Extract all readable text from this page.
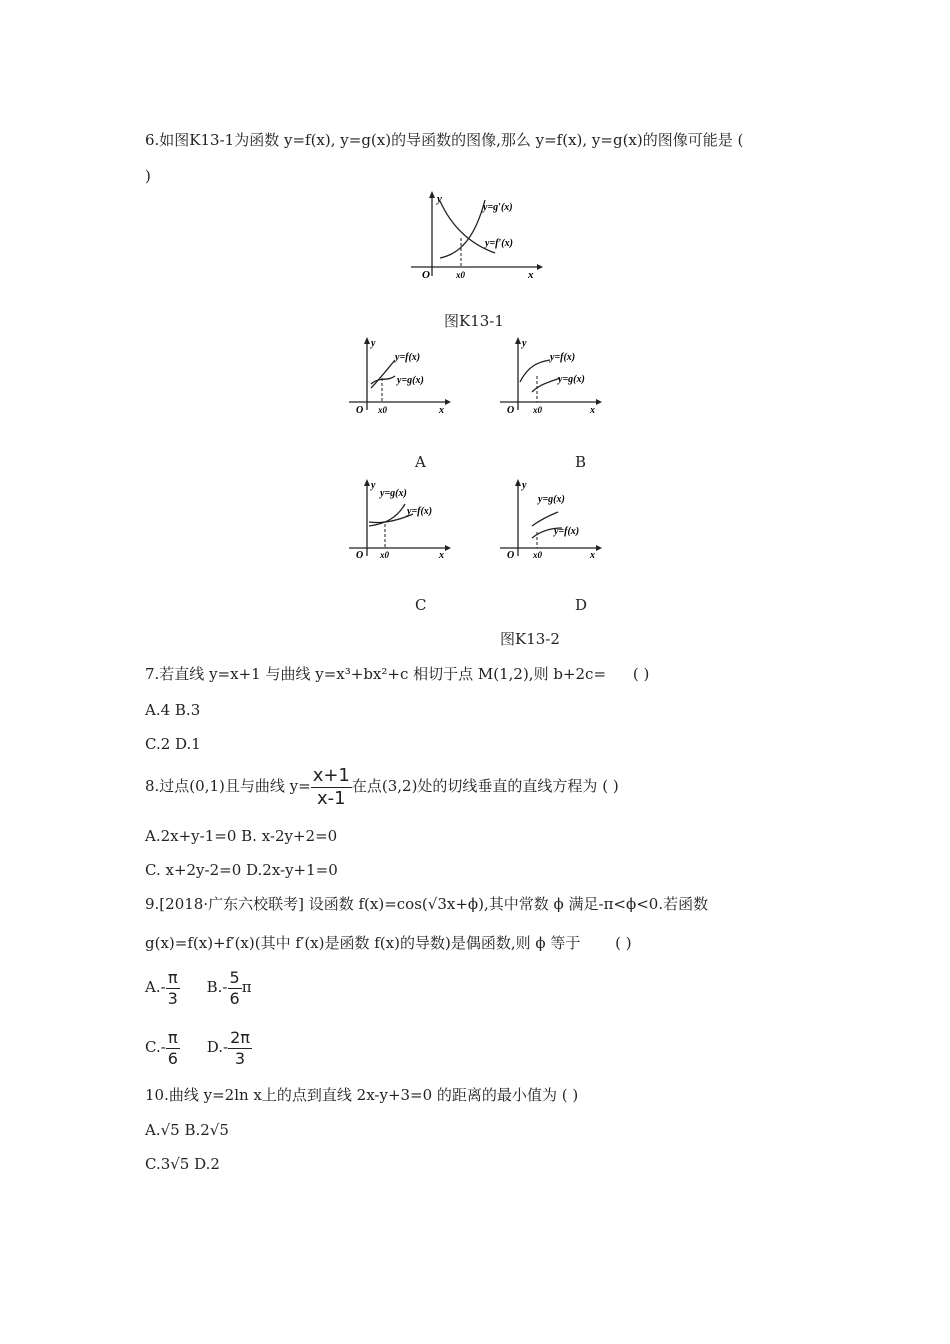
6.如图K13-1为函数 y=f(x), y=g(x)的导函数的图像,那么 y=f(x), y=g(x)的图像可能是 (
)
y
x
O	x0
y=g′(x)
y=f′(x)
图K13-1
y
x
O x0
y=f(x)
y=g(x)
A
y
x
O x0
y=f(x)
y=g(x)
B
y
x
O x0
y=g(x)
y=f(x)
C
y
x
O x0
y=g(x)
y=f(x)
D
图K13-2
7.若直线 y=x+1 与曲线 y=x³+bx²+c 相切于点 M(1,2),则 b+2c= ( )
A.4 B.3
C.2 D.1
8.过点(0,1)且与曲线 $y= \frac{x+1}{x-1}$ 在点(3,2)处的切线垂直的直线方程为 ( )
A.2x+y-1=0 B. x-2y+2=0
C. x+2y-2=0 D.2x-y+1=0
9.[2018·广东六校联考] 设函数 f(x)=cos(√3x+ϕ),其中常数 ϕ 满足-π<ϕ<0.若函数
g(x)=f(x)+f′(x)(其中 f′(x)是函数 f(x)的导数)是偶函数,则 ϕ 等于 ( )
$A.- \frac{\pi}{3} B.- \frac{5}{6}$ π
$C.- \frac{\pi}{6} D.- \frac{2\pi}{3}$
10.曲线 y=2ln x上的点到直线 2x-y+3=0 的距离的最小值为 ( )
A.√5 B.2√5
C.3√5 D.2
